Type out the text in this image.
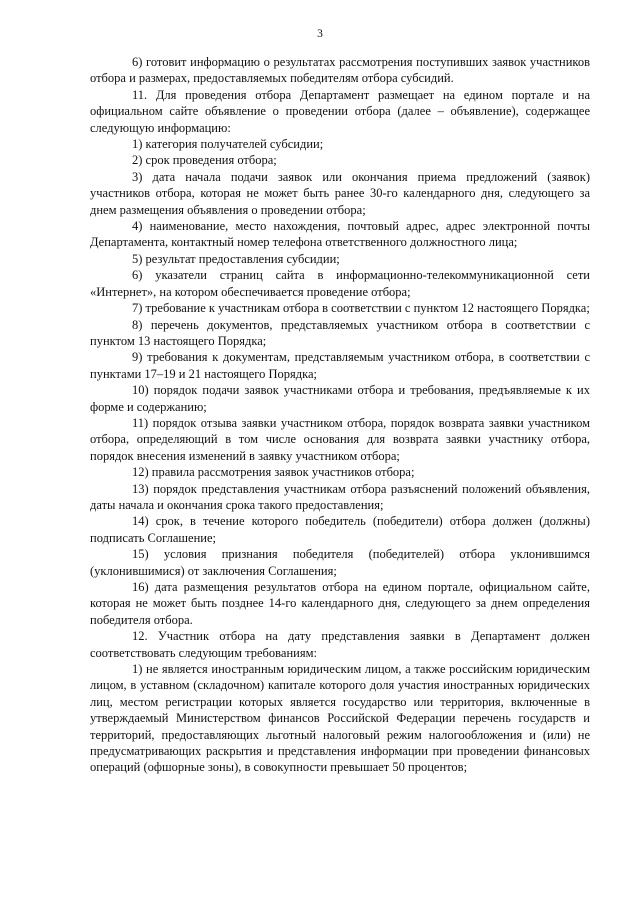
3

6) готовит информацию о результатах рассмотрения поступивших заявок участников отбора и размерах, предоставляемых победителям отбора субсидий.

11. Для проведения отбора Департамент размещает на едином портале и на официальном сайте объявление о проведении отбора (далее – объявление), содержащее следующую информацию:

1) категория получателей субсидии;

2) срок проведения отбора;

3) дата начала подачи заявок или окончания приема предложений (заявок) участников отбора, которая не может быть ранее 30-го календарного дня, следующего за днем размещения объявления о проведении отбора;

4) наименование, место нахождения, почтовый адрес, адрес электронной почты Департамента, контактный номер телефона ответственного должностного лица;

5) результат предоставления субсидии;

6) указатели страниц сайта в информационно-телекоммуникационной сети «Интернет», на котором обеспечивается проведение отбора;

7) требование к участникам отбора в соответствии с пунктом 12 настоящего Порядка;

8) перечень документов, представляемых участником отбора в соответствии с пунктом 13 настоящего Порядка;

9) требования к документам, представляемым участником отбора, в соответствии с пунктами 17–19 и 21 настоящего Порядка;

10) порядок подачи заявок участниками отбора и требования, предъявляемые к их форме и содержанию;

11) порядок отзыва заявки участником отбора, порядок возврата заявки участником отбора, определяющий в том числе основания для возврата заявки участнику отбора, порядок внесения изменений в заявку участником отбора;

12) правила рассмотрения заявок участников отбора;

13) порядок представления участникам отбора разъяснений положений объявления, даты начала и окончания срока такого предоставления;

14) срок, в течение которого победитель (победители) отбора должен (должны) подписать Соглашение;

15) условия признания победителя (победителей) отбора уклонившимся (уклонившимися) от заключения Соглашения;

16) дата размещения результатов отбора на едином портале, официальном сайте, которая не может быть позднее 14-го календарного дня, следующего за днем определения победителя отбора.

12. Участник отбора на дату представления заявки в Департамент должен соответствовать следующим требованиям:

1) не является иностранным юридическим лицом, а также российским юридическим лицом, в уставном (складочном) капитале которого доля участия иностранных юридических лиц, местом регистрации которых является государство или территория, включенные в утверждаемый Министерством финансов Российской Федерации перечень государств и территорий, предоставляющих льготный налоговый режим налогообложения и (или) не предусматривающих раскрытия и представления информации при проведении финансовых операций (офшорные зоны), в совокупности превышает 50 процентов;
